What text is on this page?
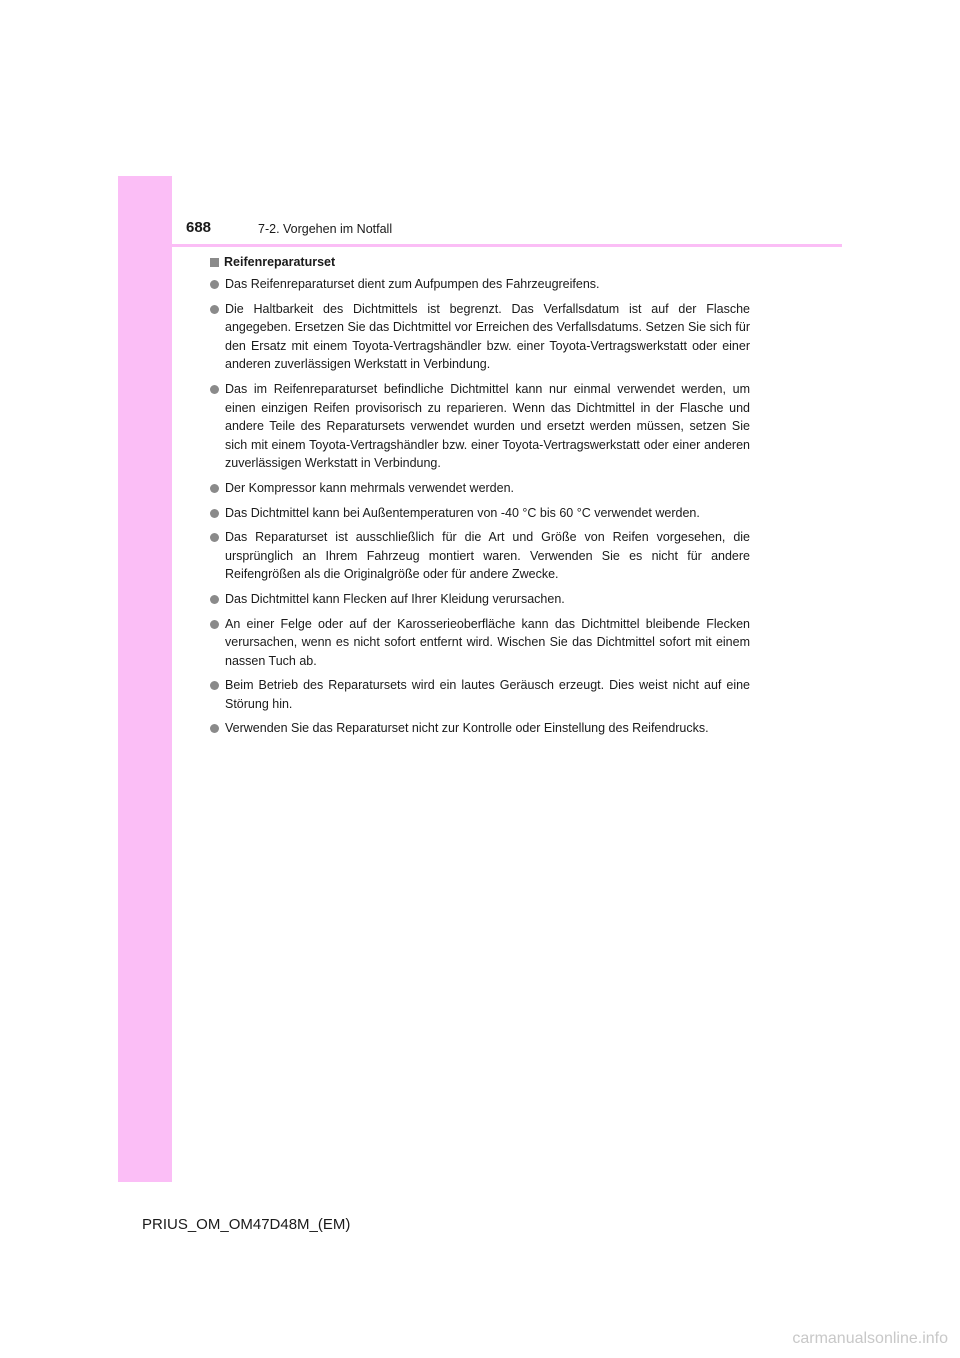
688	7-2. Vorgehen im Notfall
Reifenreparaturset
Das Reifenreparaturset dient zum Aufpumpen des Fahrzeugreifens.
Die Haltbarkeit des Dichtmittels ist begrenzt. Das Verfallsdatum ist auf der Flasche angegeben. Ersetzen Sie das Dichtmittel vor Erreichen des Verfallsdatums. Setzen Sie sich für den Ersatz mit einem Toyota-Vertragshändler bzw. einer Toyota-Vertragswerkstatt oder einer anderen zuverlässigen Werkstatt in Verbindung.
Das im Reifenreparaturset befindliche Dichtmittel kann nur einmal verwendet werden, um einen einzigen Reifen provisorisch zu reparieren. Wenn das Dichtmittel in der Flasche und andere Teile des Reparatursets verwendet wurden und ersetzt werden müssen, setzen Sie sich mit einem Toyota-Vertragshändler bzw. einer Toyota-Vertragswerkstatt oder einer anderen zuverlässigen Werkstatt in Verbindung.
Der Kompressor kann mehrmals verwendet werden.
Das Dichtmittel kann bei Außentemperaturen von -40 °C bis 60 °C verwendet werden.
Das Reparaturset ist ausschließlich für die Art und Größe von Reifen vorgesehen, die ursprünglich an Ihrem Fahrzeug montiert waren. Verwenden Sie es nicht für andere Reifengrößen als die Originalgröße oder für andere Zwecke.
Das Dichtmittel kann Flecken auf Ihrer Kleidung verursachen.
An einer Felge oder auf der Karosserieoberfläche kann das Dichtmittel bleibende Flecken verursachen, wenn es nicht sofort entfernt wird. Wischen Sie das Dichtmittel sofort mit einem nassen Tuch ab.
Beim Betrieb des Reparatursets wird ein lautes Geräusch erzeugt. Dies weist nicht auf eine Störung hin.
Verwenden Sie das Reparaturset nicht zur Kontrolle oder Einstellung des Reifendrucks.
PRIUS_OM_OM47D48M_(EM)
carmanualsonline.info
